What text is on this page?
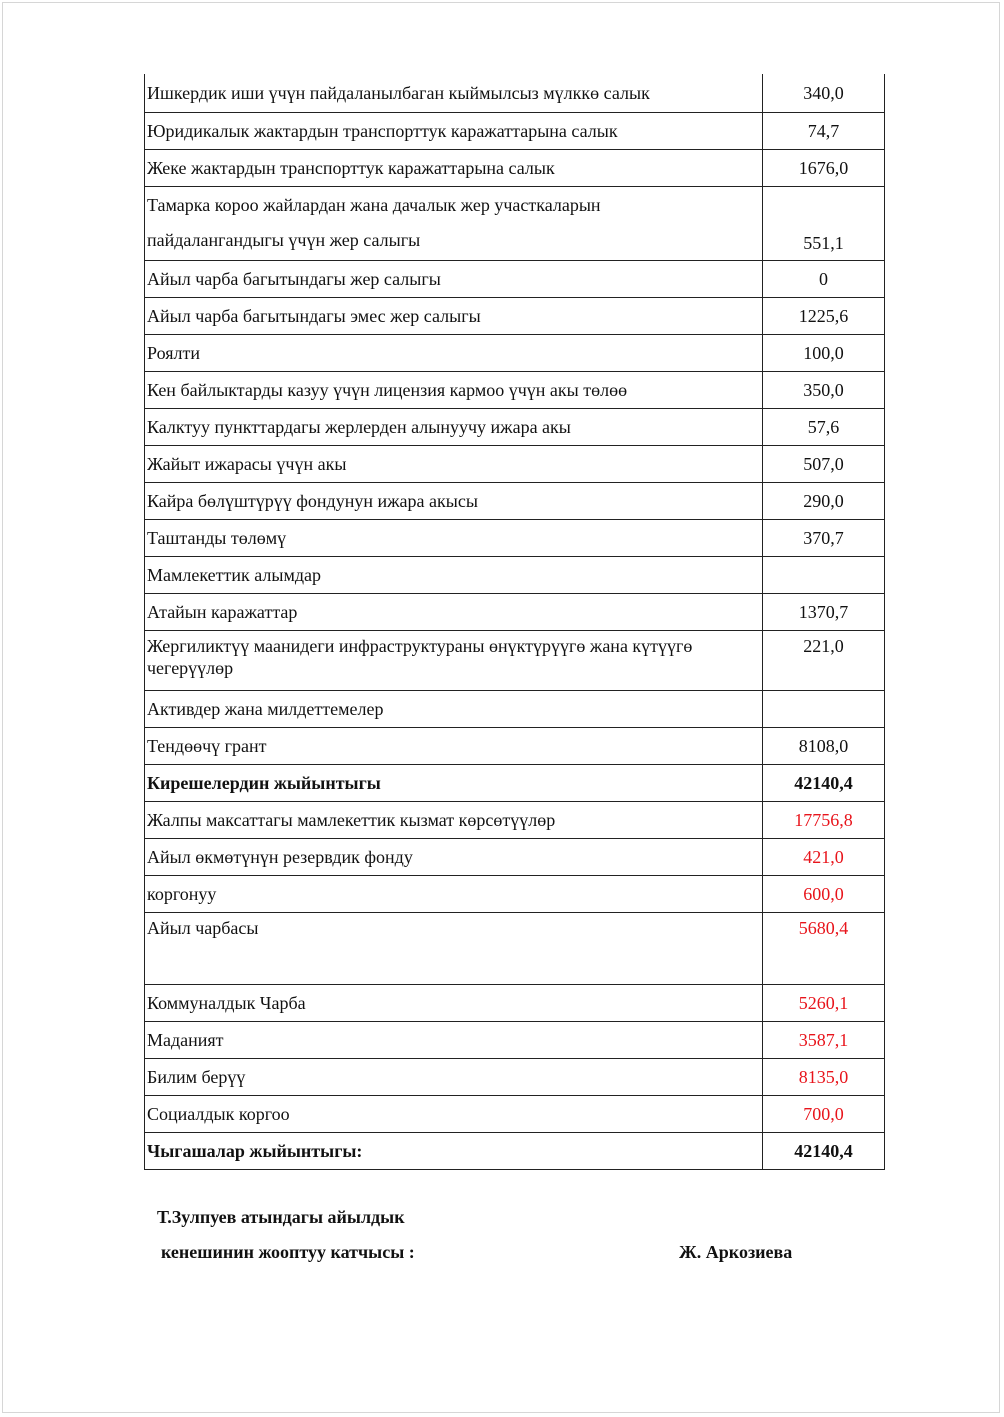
Ишкердик иши үчүн пайдаланылбаган кыймылсыз мүлккө салык	340,0
Юридикалык жактардын транспорттук каражаттарына салык	74,7
Жеке жактардын транспорттук каражаттарына салык	1676,0
Тамарка короо жайлардан жана дачалык жер участкаларын
пайдалангандыгы үчүн жер салыгы	551,1
Айыл чарба багытындагы жер салыгы	0
Айыл чарба багытындагы эмес жер салыгы	1225,6
Роялти	100,0
Кен байлыктарды казуу үчүн лицензия кармоо үчүн акы төлөө	350,0
Калктуу пункттардагы жерлерден алынуучу ижара акы	57,6
Жайыт ижарасы үчүн акы	507,0
Кайра бөлүштүрүү фондунун ижара акысы	290,0
Таштанды төлөмү	370,7
Мамлекеттик алымдар	
Атайын каражаттар	1370,7
Жергиликтүү маанидеги инфраструктураны өнүктүрүүгө жана күтүүгө чегерүүлөр	221,0
Активдер жана милдеттемелер	
Тендөөчү грант	8108,0
Кирешелердин жыйынтыгы	42140,4
Жалпы максаттагы мамлекеттик кызмат көрсөтүүлөр	17756,8
Айыл өкмөтүнүн резервдик фонду	421,0
коргонуу	600,0
Айыл чарбасы	5680,4
Коммуналдык Чарба	5260,1
Маданият	3587,1
Билим берүү	8135,0
Социалдык коргоо	700,0
Чыгашалар жыйынтыгы:	42140,4
Т.Зулпуев атындагы айылдык
кенешинин жооптуу катчысы :	Ж. Аркозиева
